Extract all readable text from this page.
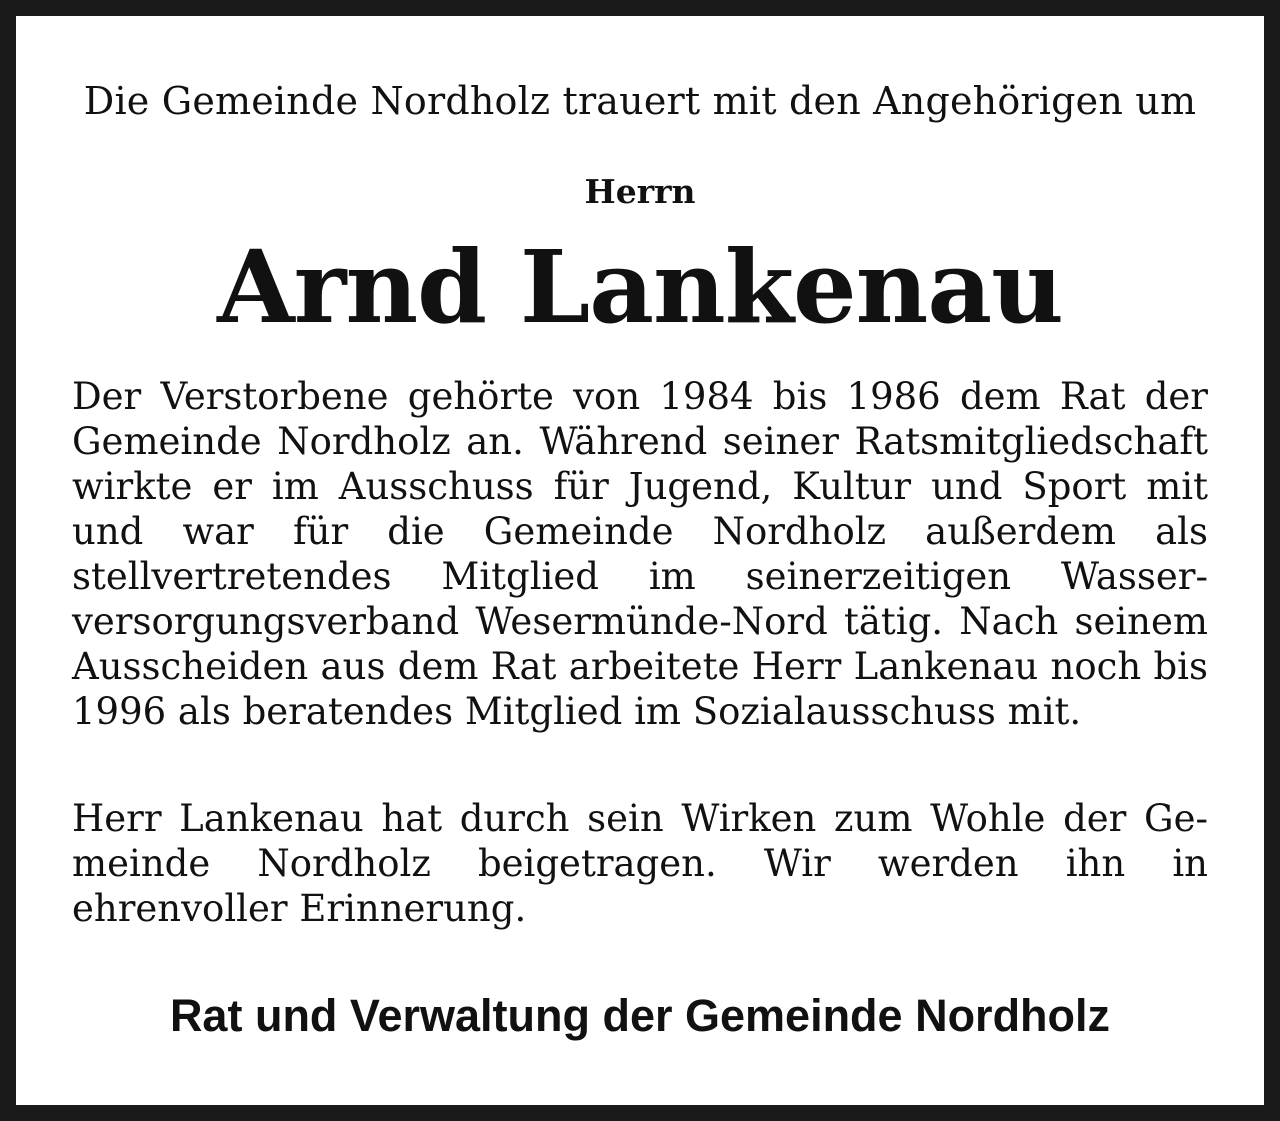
Die Gemeinde Nordholz trauert mit den Angehörigen um
Herrn
Arnd Lankenau

Der Verstorbene gehörte von 1984 bis 1986 dem Rat der Gemeinde Nordholz an. Während seiner Ratsmitgliedschaft wirkte er im Ausschuss für Jugend, Kultur und Sport mit und war für die Gemeinde Nordholz außerdem als stellvertretendes Mitglied im seinerzeitigen Wasserversorgungsverband Wesermünde-Nord tätig. Nach seinem Ausscheiden aus dem Rat arbeitete Herr Lankenau noch bis 1996 als beratendes Mitglied im Sozialausschuss mit.

Herr Lankenau hat durch sein Wirken zum Wohle der Gemeinde Nordholz beigetragen. Wir werden ihn in ehrenvoller Erinnerung.

Rat und Verwaltung der Gemeinde Nordholz
